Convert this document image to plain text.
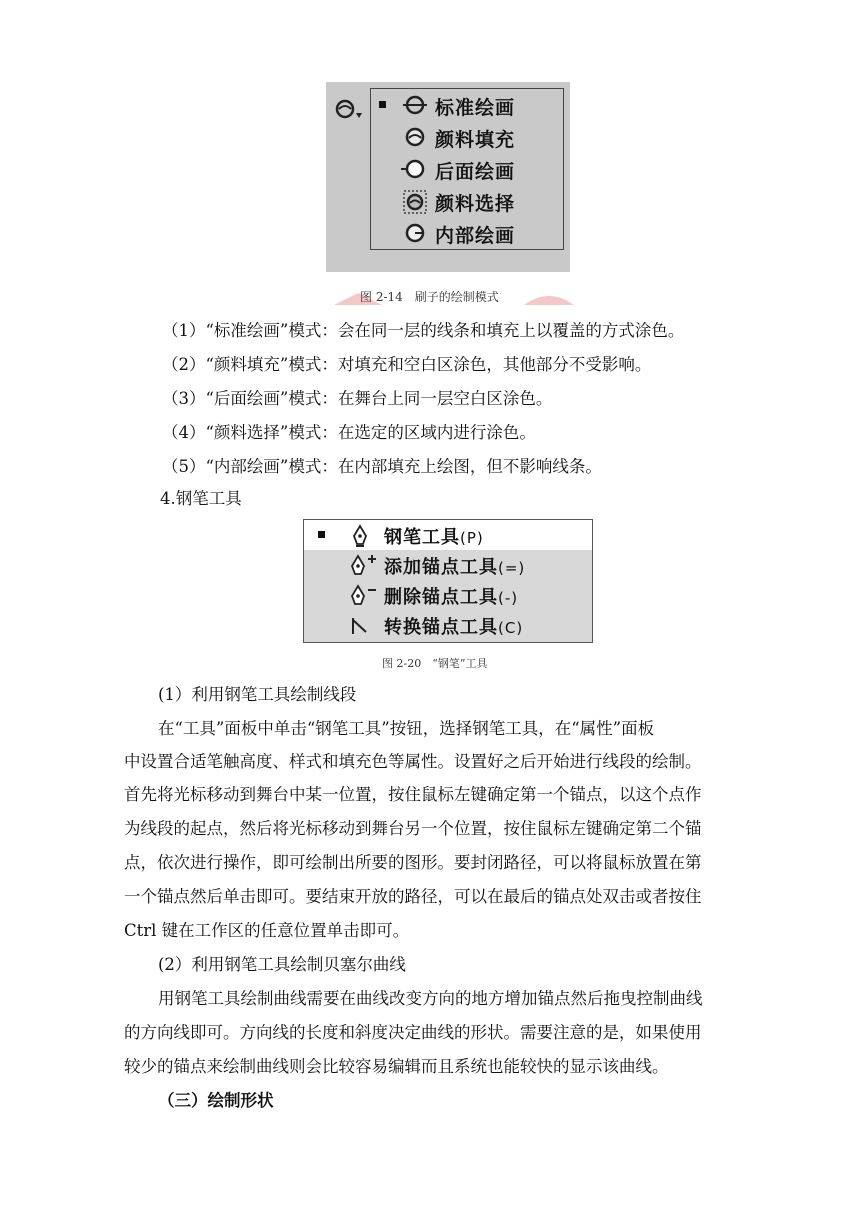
标准绘画
颜料填充
后面绘画
颜料选择
内部绘画
图 2-14　刷子的绘制模式
（1）“标准绘画”模式：会在同一层的线条和填充上以覆盖的方式涂色。
（2）“颜料填充”模式：对填充和空白区涂色，其他部分不受影响。
（3）“后面绘画”模式：在舞台上同一层空白区涂色。
（4）“颜料选择”模式：在选定的区域内进行涂色。
（5）“内部绘画”模式：在内部填充上绘图，但不影响线条。
4.钢笔工具
钢笔工具(P)
添加锚点工具(=)
删除锚点工具(-)
转换锚点工具(C)
图 2-20　“钢笔”工具
(1）利用钢笔工具绘制线段
在“工具”面板中单击“钢笔工具”按钮，选择钢笔工具，在“属性”面板
中设置合适笔触高度、样式和填充色等属性。设置好之后开始进行线段的绘制。
首先将光标移动到舞台中某一位置，按住鼠标左键确定第一个锚点，以这个点作
为线段的起点，然后将光标移动到舞台另一个位置，按住鼠标左键确定第二个锚
点，依次进行操作，即可绘制出所要的图形。要封闭路径，可以将鼠标放置在第
一个锚点然后单击即可。要结束开放的路径，可以在最后的锚点处双击或者按住
Ctrl 键在工作区的任意位置单击即可。
(2）利用钢笔工具绘制贝塞尔曲线
用钢笔工具绘制曲线需要在曲线改变方向的地方增加锚点然后拖曳控制曲线
的方向线即可。方向线的长度和斜度决定曲线的形状。需要注意的是，如果使用
较少的锚点来绘制曲线则会比较容易编辑而且系统也能较快的显示该曲线。
（三）绘制形状
